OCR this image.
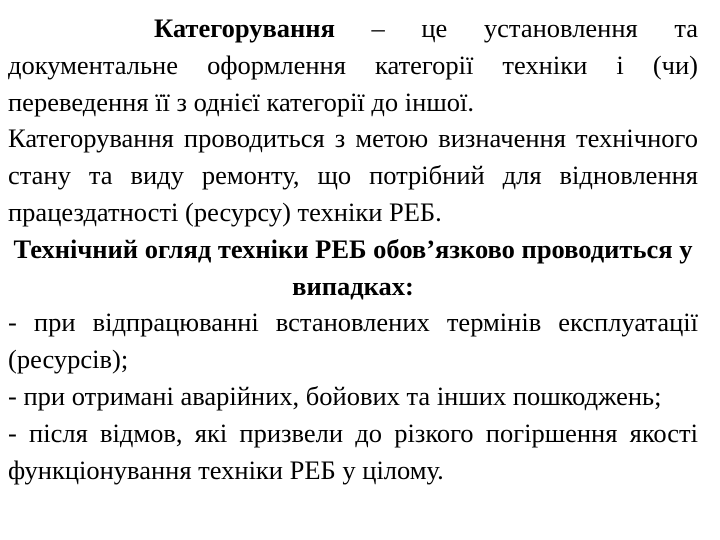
Категорування – це установлення та документальне оформлення категорії техніки і (чи) переведення її з однієї категорії до іншої.

Категорування проводиться з метою визначення технічного стану та виду ремонту, що потрібний для відновлення працездатності (ресурсу) техніки РЕБ.

Технічний огляд техніки РЕБ обов’язково проводиться у випадках:

- при відпрацюванні встановлених термінів експлуатації (ресурсів);

- при отримані аварійних, бойових та інших пошкоджень;

- після відмов, які призвели до різкого погіршення якості функціонування техніки РЕБ у цілому.
